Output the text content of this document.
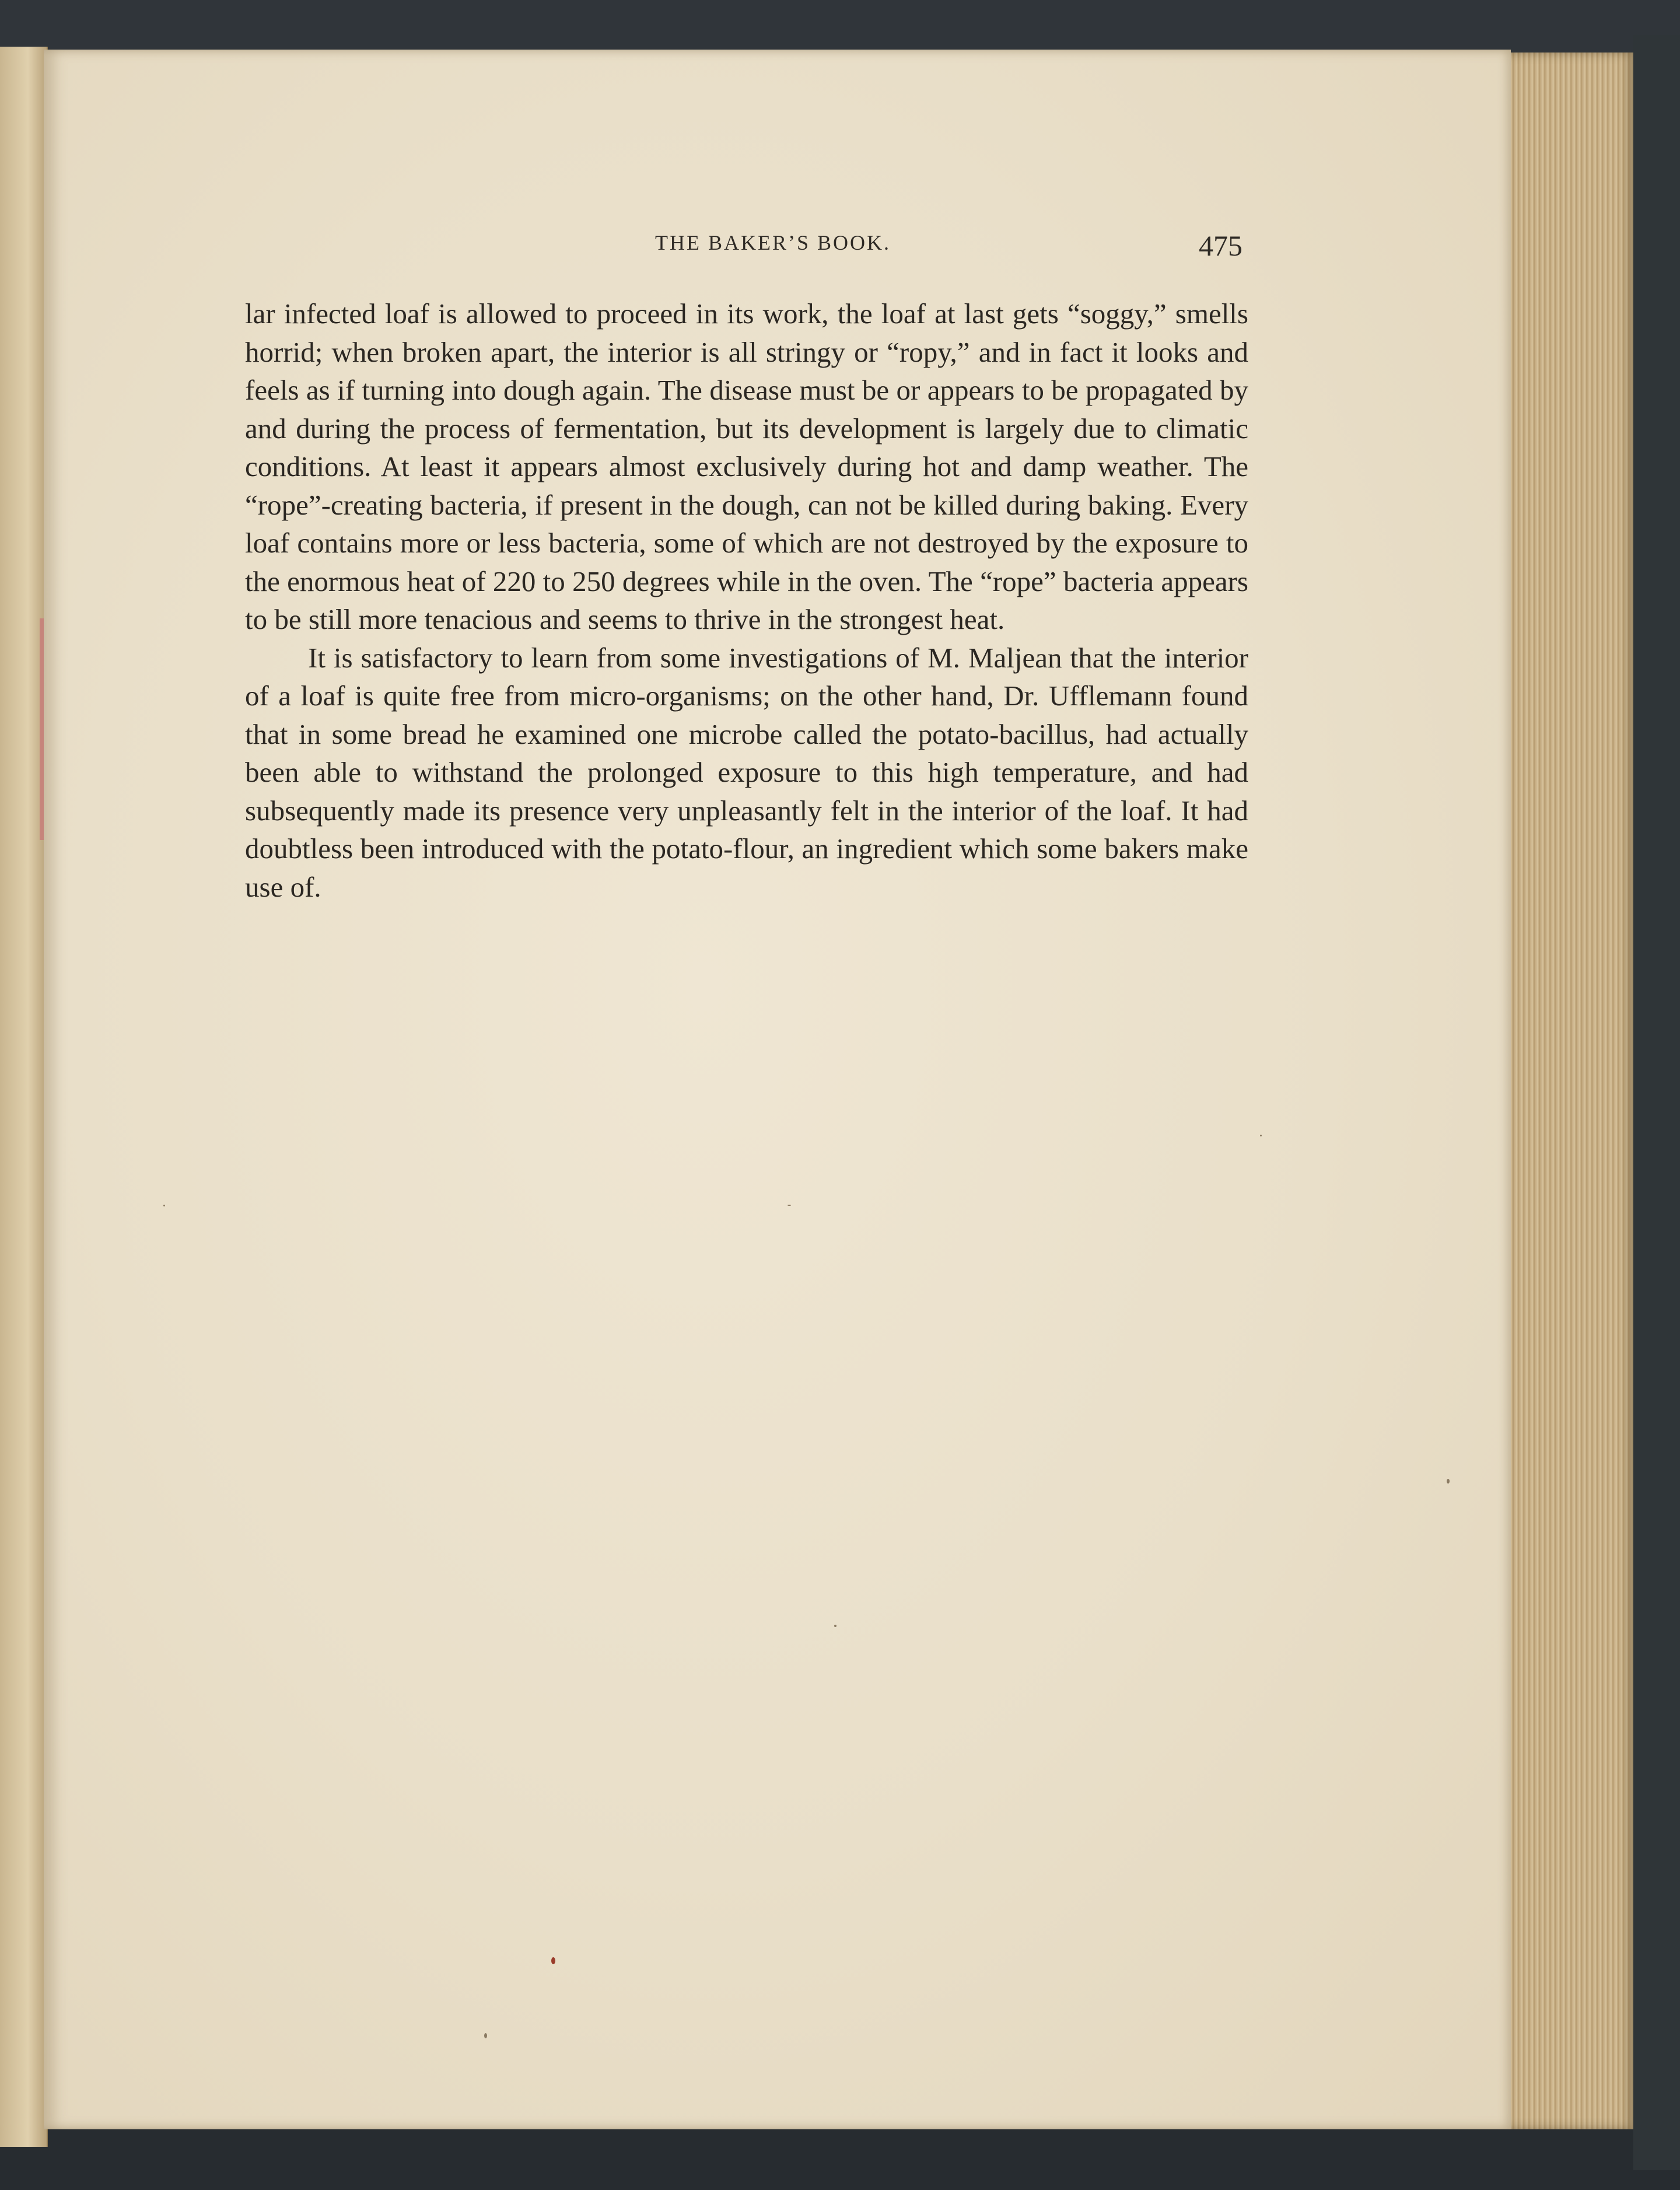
THE BAKER’S BOOK.	475

lar infected loaf is allowed to proceed in its work, the loaf at last gets “soggy,” smells horrid; when broken apart, the interior is all stringy or “ropy,” and in fact it looks and feels as if turning into dough again. The disease must be or appears to be propagated by and during the process of fermentation, but its development is largely due to climatic conditions. At least it appears almost exclusively during hot and damp weather. The “rope”-creating bacteria, if present in the dough, can not be killed during baking. Every loaf contains more or less bacteria, some of which are not destroyed by the exposure to the enormous heat of 220 to 250 degrees while in the oven. The “rope” bacteria appears to be still more tenacious and seems to thrive in the strongest heat.

It is satisfactory to learn from some investigations of M. Maljean that the interior of a loaf is quite free from micro-organisms; on the other hand, Dr. Ufflemann found that in some bread he examined one microbe called the potato-bacillus, had actually been able to withstand the prolonged exposure to this high temperature, and had subsequently made its presence very unpleasantly felt in the interior of the loaf. It had doubtless been introduced with the potato-flour, an ingredient which some bakers make use of.
